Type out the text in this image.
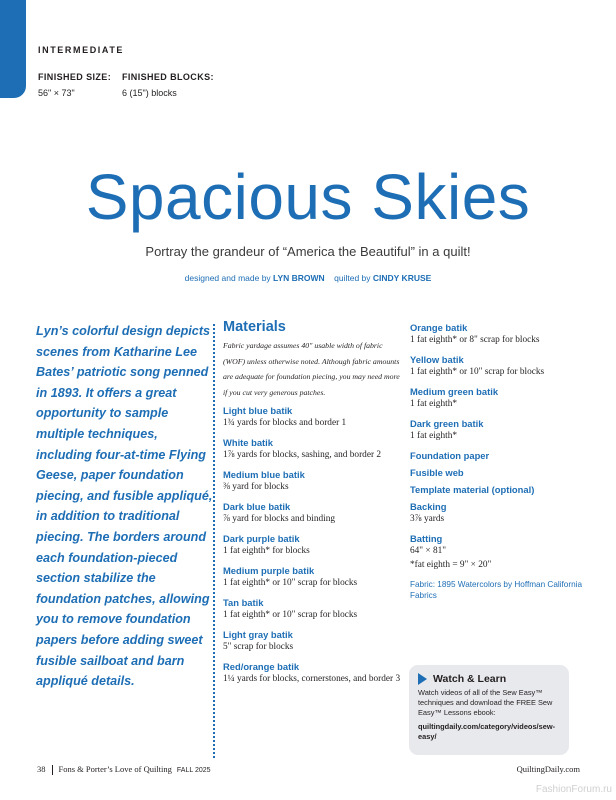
INTERMEDIATE
FINISHED SIZE:
56" × 73"
FINISHED BLOCKS:
6 (15") blocks
Spacious Skies
Portray the grandeur of “America the Beautiful” in a quilt!
designed and made by LYN BROWN quilted by CINDY KRUSE
Lyn’s colorful design depicts scenes from Katharine Lee Bates’ patriotic song penned in 1893. It offers a great opportunity to sample multiple techniques, including four-at-time Flying Geese, paper foundation piecing, and fusible appliqué, in addition to traditional piecing. The borders around each foundation-pieced section stabilize the foundation patches, allowing you to remove foundation papers before adding sweet fusible sailboat and barn appliqué details.
Materials
Fabric yardage assumes 40" usable width of fabric (WOF) unless otherwise noted. Although fabric amounts are adequate for foundation piecing, you may need more if you cut very generous patches.
Light blue batik
1¾ yards for blocks and border 1
White batik
1⅞ yards for blocks, sashing, and border 2
Medium blue batik
⅜ yard for blocks
Dark blue batik
⅞ yard for blocks and binding
Dark purple batik
1 fat eighth* for blocks
Medium purple batik
1 fat eighth* or 10" scrap for blocks
Tan batik
1 fat eighth* or 10" scrap for blocks
Light gray batik
5" scrap for blocks
Red/orange batik
1¼ yards for blocks, cornerstones, and border 3
Orange batik
1 fat eighth* or 8" scrap for blocks
Yellow batik
1 fat eighth* or 10" scrap for blocks
Medium green batik
1 fat eighth*
Dark green batik
1 fat eighth*
Foundation paper
Fusible web
Template material (optional)
Backing
3⅞ yards
Batting
64" × 81"
*fat eighth = 9" × 20"
Fabric: 1895 Watercolors by Hoffman California Fabrics
Watch & Learn
Watch videos of all of the Sew Easy™ techniques and download the FREE Sew Easy™ Lessons ebook:
quiltingdaily.com/category/videos/sew-easy/
38 Fons & Porter’s Love of Quilting FALL 2025	QuiltingDaily.com
FashionForum.ru
